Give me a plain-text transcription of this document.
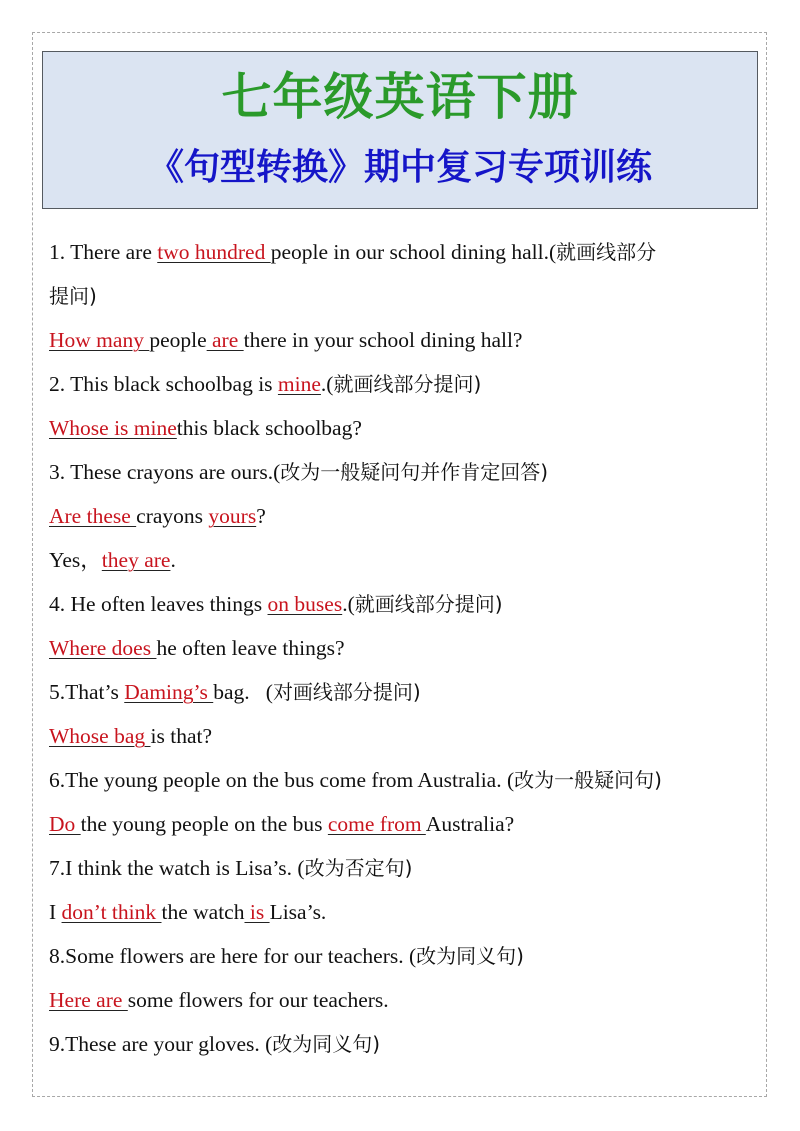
七年级英语下册
《句型转换》期中复习专项训练
1. There are two hundred people in our school dining hall.(就画线部分
提问)
How many people are there in your school dining hall?
2. This black schoolbag is mine.(就画线部分提问)
Whose is minethis black schoolbag?
3. These crayons are ours.(改为一般疑问句并作肯定回答)
Are these crayons yours?
Yes，they are.
4. He often leaves things on buses.(就画线部分提问)
Where does he often leave things?
5.That’s Daming’s bag.   (对画线部分提问)
Whose bag is that?
6.The young people on the bus come from Australia. (改为一般疑问句)
Do the young people on the bus come from Australia?
7.I think the watch is Lisa’s. (改为否定句)
I don’t think the watch is Lisa’s.
8.Some flowers are here for our teachers. (改为同义句)
Here are some flowers for our teachers.
9.These are your gloves. (改为同义句)
